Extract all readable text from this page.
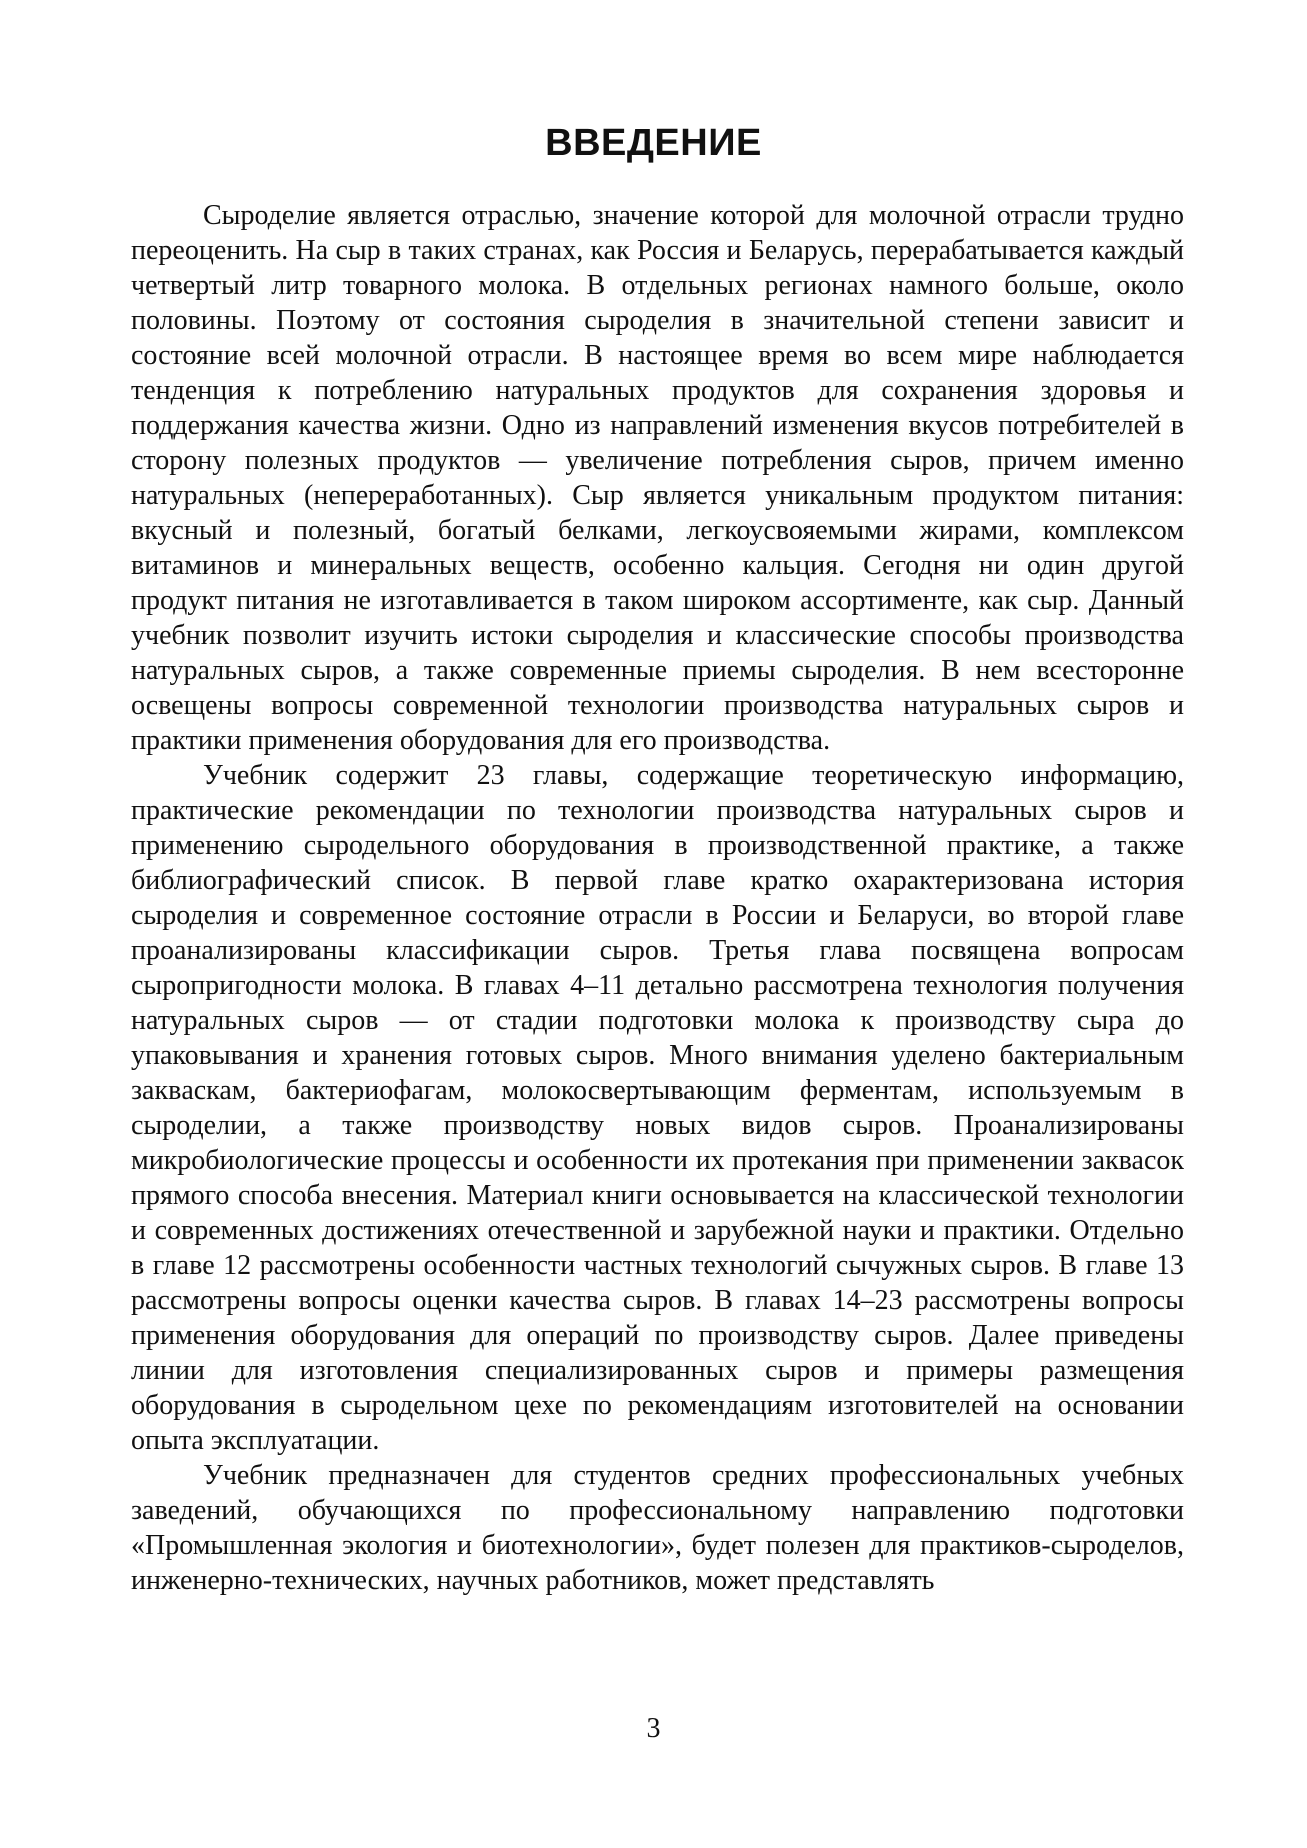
ВВЕДЕНИЕ

Сыроделие является отраслью, значение которой для молочной отрасли трудно переоценить. На сыр в таких странах, как Россия и Беларусь, перерабатывается каждый четвертый литр товарного молока. В отдельных регионах намного больше, около половины. Поэтому от состояния сыроделия в значительной степени зависит и состояние всей молочной отрасли. В настоящее время во всем мире наблюдается тенденция к потреблению натуральных продуктов для сохранения здоровья и поддержания качества жизни. Одно из направлений изменения вкусов потребителей в сторону полезных продуктов — увеличение потребления сыров, причем именно натуральных (непереработанных). Сыр является уникальным продуктом питания: вкусный и полезный, богатый белками, легкоусвояемыми жирами, комплексом витаминов и минеральных веществ, особенно кальция. Сегодня ни один другой продукт питания не изготавливается в таком широком ассортименте, как сыр. Данный учебник позволит изучить истоки сыроделия и классические способы производства натуральных сыров, а также современные приемы сыроделия. В нем всесторонне освещены вопросы современной технологии производства натуральных сыров и практики применения оборудования для его производства.

Учебник содержит 23 главы, содержащие теоретическую информацию, практические рекомендации по технологии производства натуральных сыров и применению сыродельного оборудования в производственной практике, а также библиографический список. В первой главе кратко охарактеризована история сыроделия и современное состояние отрасли в России и Беларуси, во второй главе проанализированы классификации сыров. Третья глава посвящена вопросам сыропригодности молока. В главах 4–11 детально рассмотрена технология получения натуральных сыров — от стадии подготовки молока к производству сыра до упаковывания и хранения готовых сыров. Много внимания уделено бактериальным заквaскам, бактериофагам, молокосвертывающим ферментам, используемым в сыроделии, а также производству новых видов сыров. Проанализированы микробиологические процессы и особенности их протекания при применении заквасок прямого способа внесения. Материал книги основывается на классической технологии и современных достижениях отечественной и зарубежной науки и практики. Отдельно в главе 12 рассмотрены особенности частных технологий сычужных сыров. В главе 13 рассмотрены вопросы оценки качества сыров. В главах 14–23 рассмотрены вопросы применения оборудования для операций по производству сыров. Далее приведены линии для изготовления специализированных сыров и примеры размещения оборудования в сыродельном цехе по рекомендациям изготовителей на основании опыта эксплуатации.

Учебник предназначен для студентов средних профессиональных учебных заведений, обучающихся по профессиональному направлению подготовки «Промышленная экология и биотехнологии», будет полезен для практиков-сыроделов, инженерно-технических, научных работников, может представлять

3
